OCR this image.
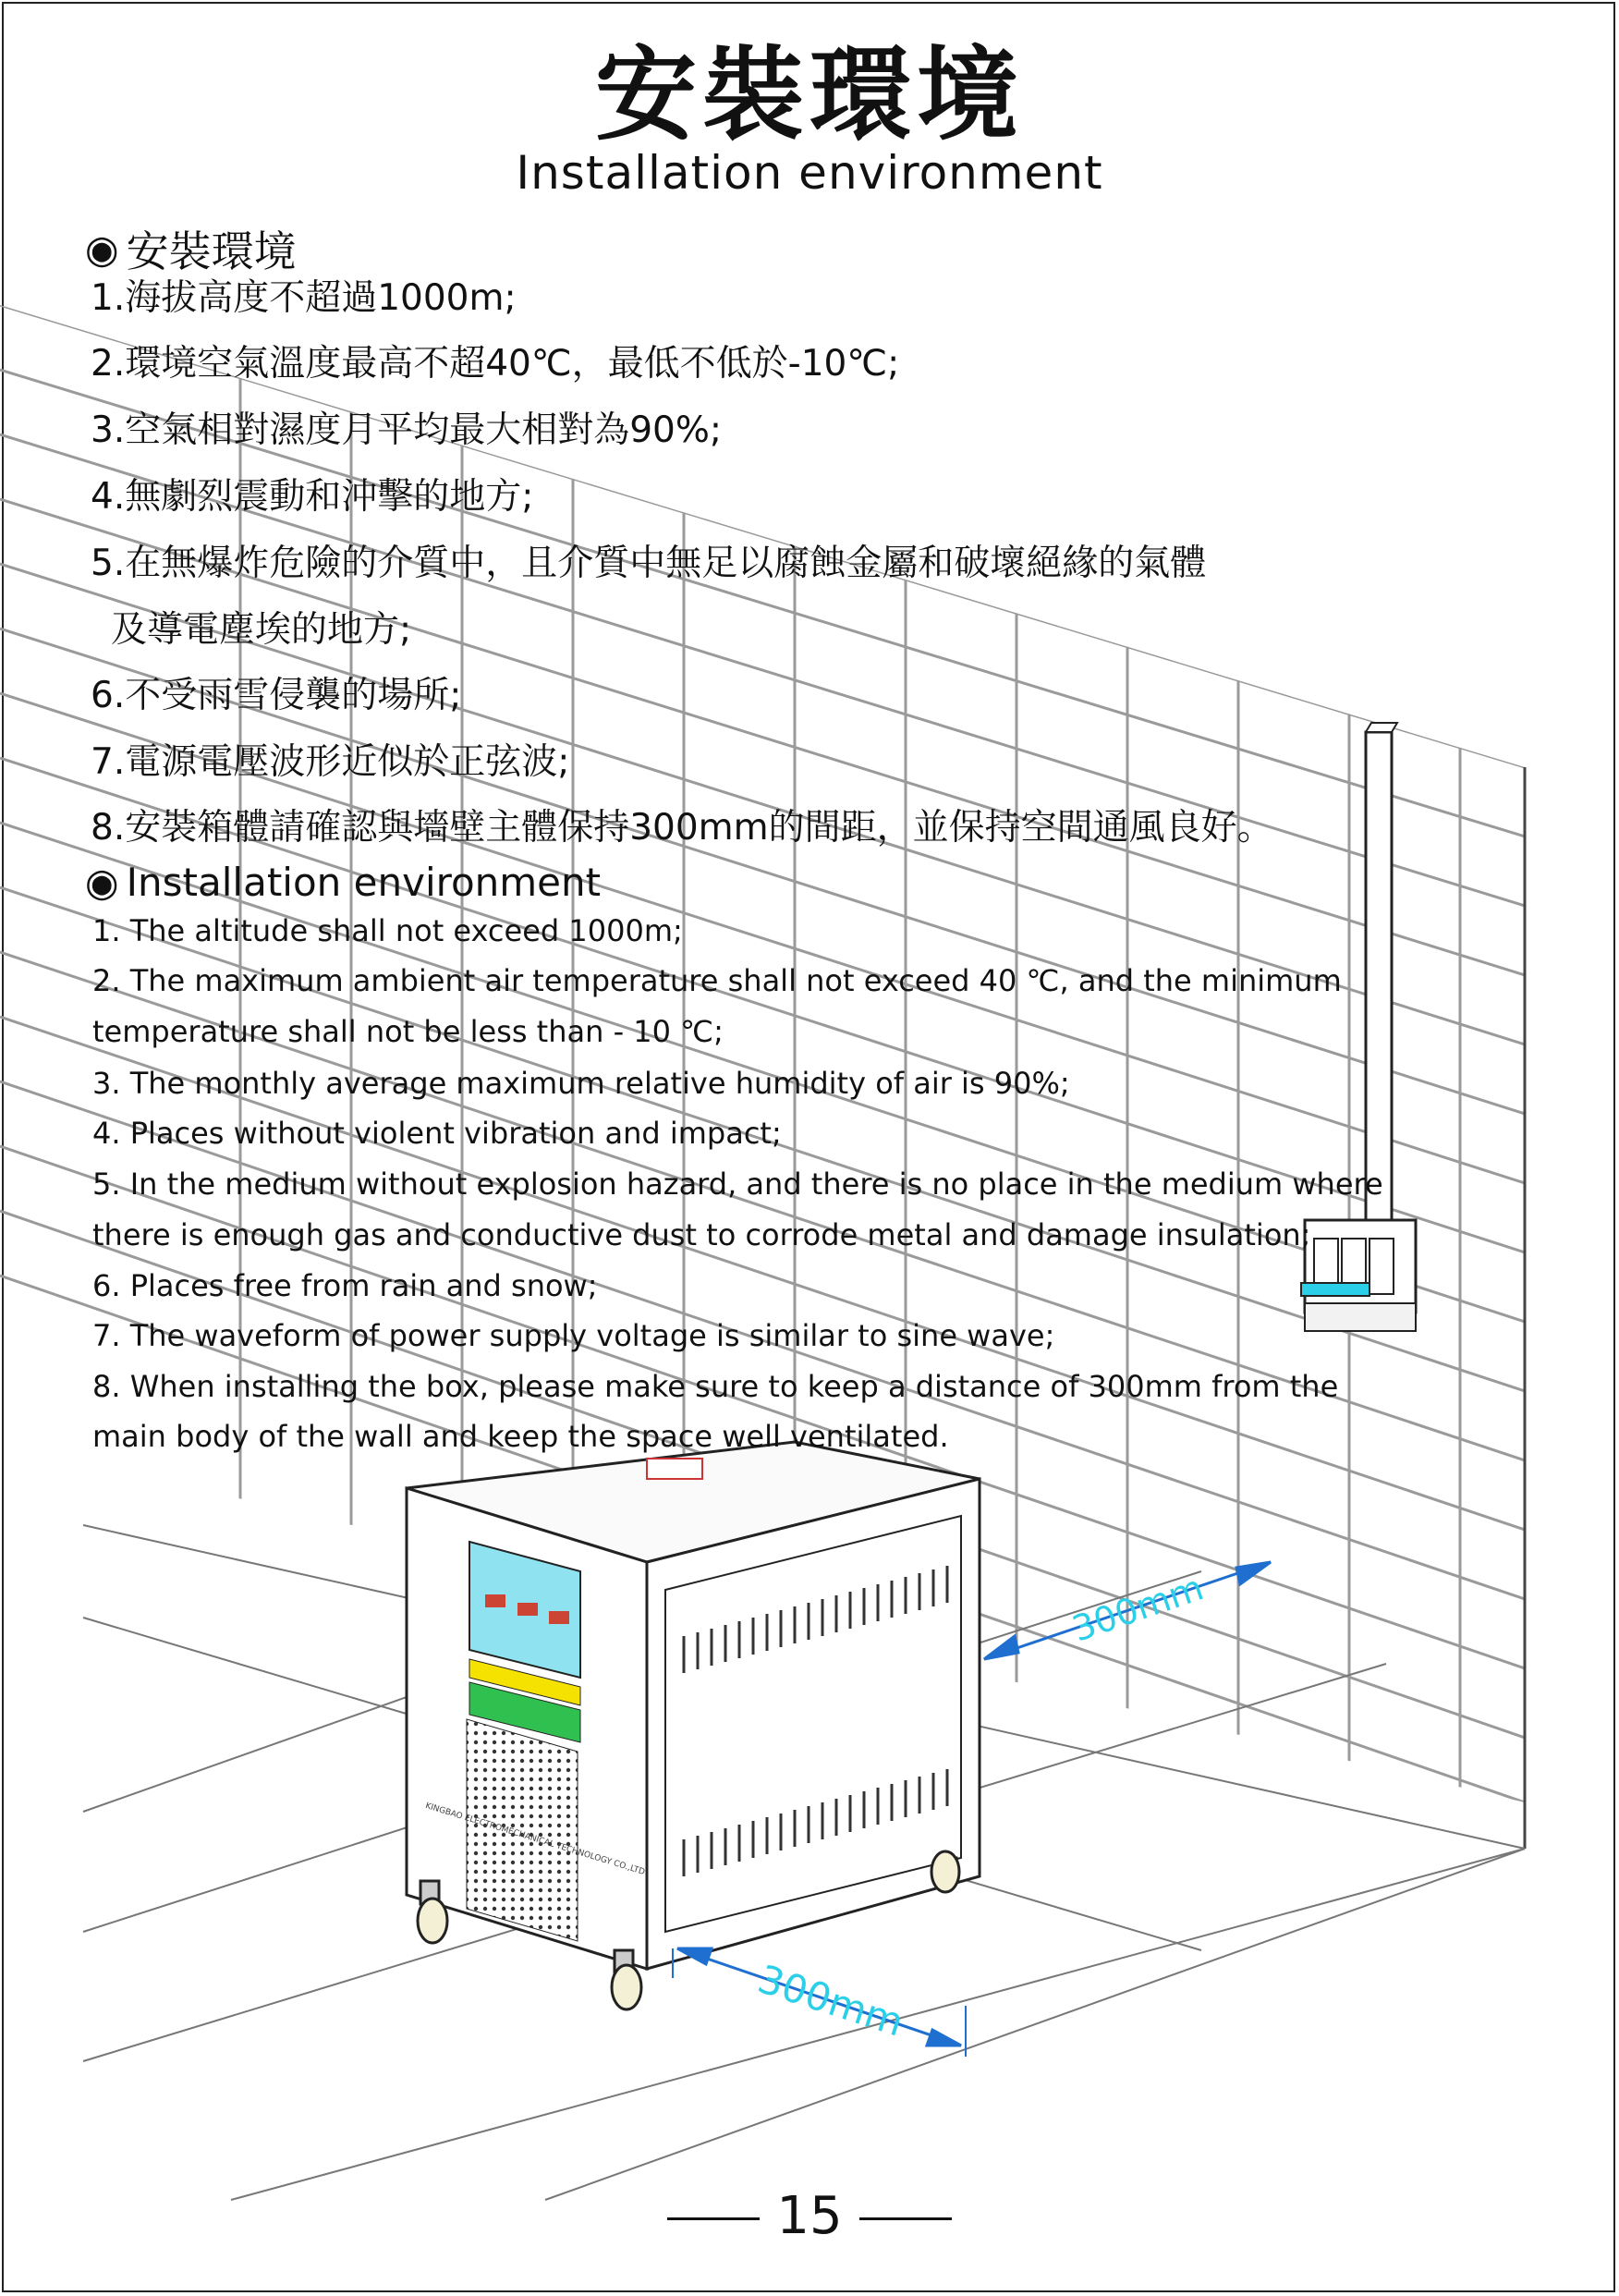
300mm
300mm
KINGBAO ELECTROMECHANICAL TECHNOLOGY CO.,LTD
安裝環境
Installation environment
◉ 安裝環境
1.海拔高度不超過1000m;
2.環境空氣溫度最高不超40℃，最低不低於-10℃;
3.空氣相對濕度月平均最大相對為90%;
4.無劇烈震動和沖擊的地方;
5.在無爆炸危險的介質中，且介質中無足以腐蝕金屬和破壞絕緣的氣體
及導電塵埃的地方;
6.不受雨雪侵襲的場所;
7.電源電壓波形近似於正弦波;
8.安裝箱體請確認與墻壁主體保持300mm的間距，並保持空間通風良好。
◉ Installation environment
1. The altitude shall not exceed 1000m;
2. The maximum ambient air temperature shall not exceed 40 ℃, and the minimum
temperature shall not be less than - 10 ℃;
3. The monthly average maximum relative humidity of air is 90%;
4. Places without violent vibration and impact;
5. In the medium without explosion hazard, and there is no place in the medium where
there is enough gas and conductive dust to corrode metal and damage insulation;
6. Places free from rain and snow;
7. The waveform of power supply voltage is similar to sine wave;
8. When installing the box, please make sure to keep a distance of 300mm from the
main body of the wall and keep the space well ventilated.
15
